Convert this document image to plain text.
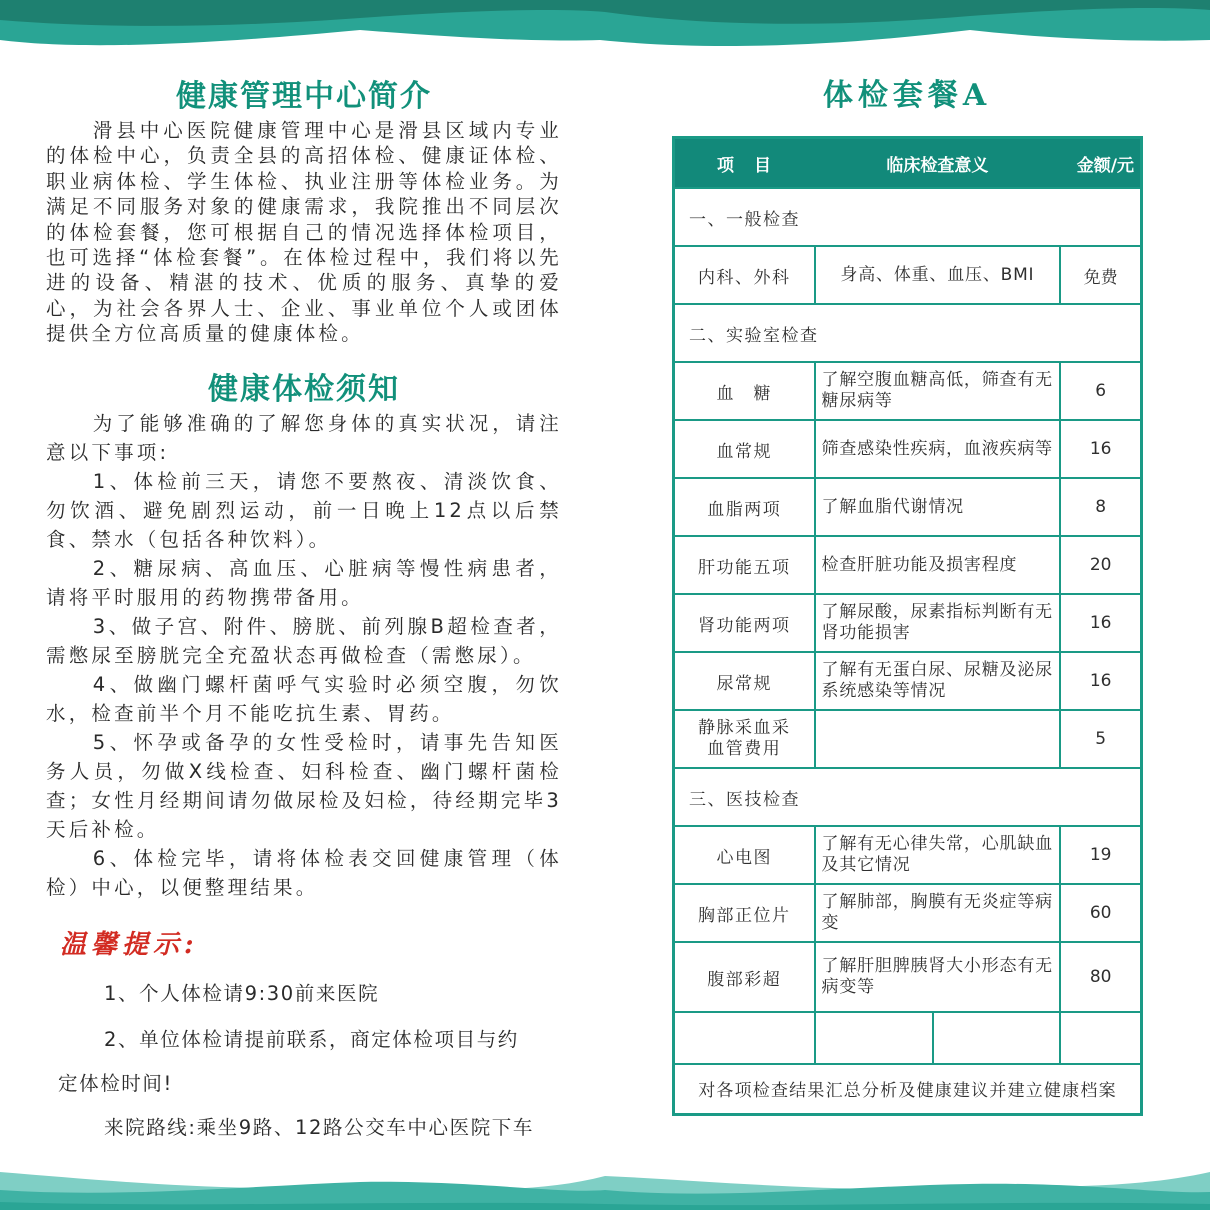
健康管理中心简介

滑县中心医院健康管理中心是滑县区域内专业的体检中心，负责全县的高招体检、健康证体检、职业病体检、学生体检、执业注册等体检业务。为满足不同服务对象的健康需求，我院推出不同层次的体检套餐，您可根据自己的情况选择体检项目，也可选择“体检套餐”。在体检过程中，我们将以先进的设备、精湛的技术、优质的服务、真挚的爱心，为社会各界人士、企业、事业单位个人或团体提供全方位高质量的健康体检。

健康体检须知

为了能够准确的了解您身体的真实状况，请注意以下事项:

1、体检前三天，请您不要熬夜、清淡饮食、勿饮酒、避免剧烈运动，前一日晚上12点以后禁食、禁水（包括各种饮料）。

2、糖尿病、高血压、心脏病等慢性病患者，请将平时服用的药物携带备用。

3、做子宫、附件、膀胱、前列腺B超检查者，需憋尿至膀胱完全充盈状态再做检查（需憋尿）。

4、做幽门螺杆菌呼气实验时必须空腹，勿饮水，检查前半个月不能吃抗生素、胃药。

5、怀孕或备孕的女性受检时，请事先告知医务人员，勿做X线检查、妇科检查、幽门螺杆菌检查；女性月经期间请勿做尿检及妇检，待经期完毕3天后补检。

6、体检完毕，请将体检表交回健康管理（体检）中心，以便整理结果。

温馨提示:
1、个人体检请9:30前来医院
2、单位体检请提前联系，商定体检项目与约
定体检时间!
来院路线:乘坐9路、12路公交车中心医院下车
体检套餐A
项　目	临床检查意义		金额/元
一、一般检查			
内科、外科	身高、体重、血压、BMI		免费
二、实验室检查			
血　糖	了解空腹血糖高低，筛查有无糖尿病等		6
血常规	筛查感染性疾病，血液疾病等		16
血脂两项	了解血脂代谢情况		8
肝功能五项	检查肝脏功能及损害程度		20
肾功能两项	了解尿酸，尿素指标判断有无肾功能损害		16
尿常规	了解有无蛋白尿、尿糖及泌尿系统感染等情况		16
静脉采血采血管费用			5
三、医技检查			
心电图	了解有无心律失常，心肌缺血及其它情况		19
胸部正位片	了解肺部，胸膜有无炎症等病变		60
腹部彩超	了解肝胆脾胰肾大小形态有无病变等		80

对各项检查结果汇总分析及健康建议并建立健康档案			
